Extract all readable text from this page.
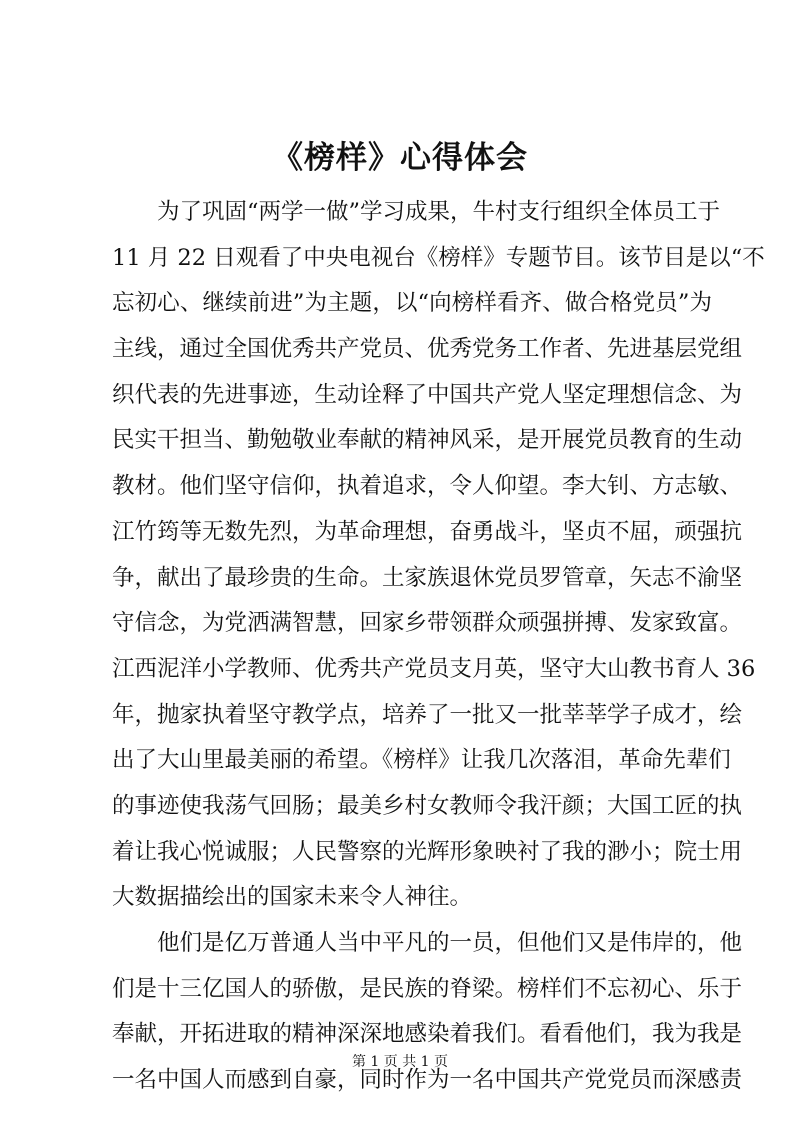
《榜样》心得体会
为了巩固“两学一做”学习成果，牛村支行组织全体员工于
11 月 22 日观看了中央电视台《榜样》专题节目。该节目是以“不
忘初心、继续前进”为主题，以“向榜样看齐、做合格党员”为
主线，通过全国优秀共产党员、优秀党务工作者、先进基层党组
织代表的先进事迹，生动诠释了中国共产党人坚定理想信念、为
民实干担当、勤勉敬业奉献的精神风采，是开展党员教育的生动
教材。他们坚守信仰，执着追求，令人仰望。李大钊、方志敏、
江竹筠等无数先烈，为革命理想，奋勇战斗，坚贞不屈，顽强抗
争，献出了最珍贵的生命。土家族退休党员罗管章，矢志不渝坚
守信念，为党洒满智慧，回家乡带领群众顽强拼搏、发家致富。
江西泥洋小学教师、优秀共产党员支月英，坚守大山教书育人 36
年，抛家执着坚守教学点，培养了一批又一批莘莘学子成才，绘
出了大山里最美丽的希望。《榜样》让我几次落泪，革命先辈们
的事迹使我荡气回肠；最美乡村女教师令我汗颜；大国工匠的执
着让我心悦诚服；人民警察的光辉形象映衬了我的渺小；院士用
大数据描绘出的国家未来令人神往。
他们是亿万普通人当中平凡的一员，但他们又是伟岸的，他
们是十三亿国人的骄傲，是民族的脊梁。榜样们不忘初心、乐于
奉献，开拓进取的精神深深地感染着我们。看看他们，我为我是
一名中国人而感到自豪，同时作为一名中国共产党党员而深感责
第 1 页 共 1 页
